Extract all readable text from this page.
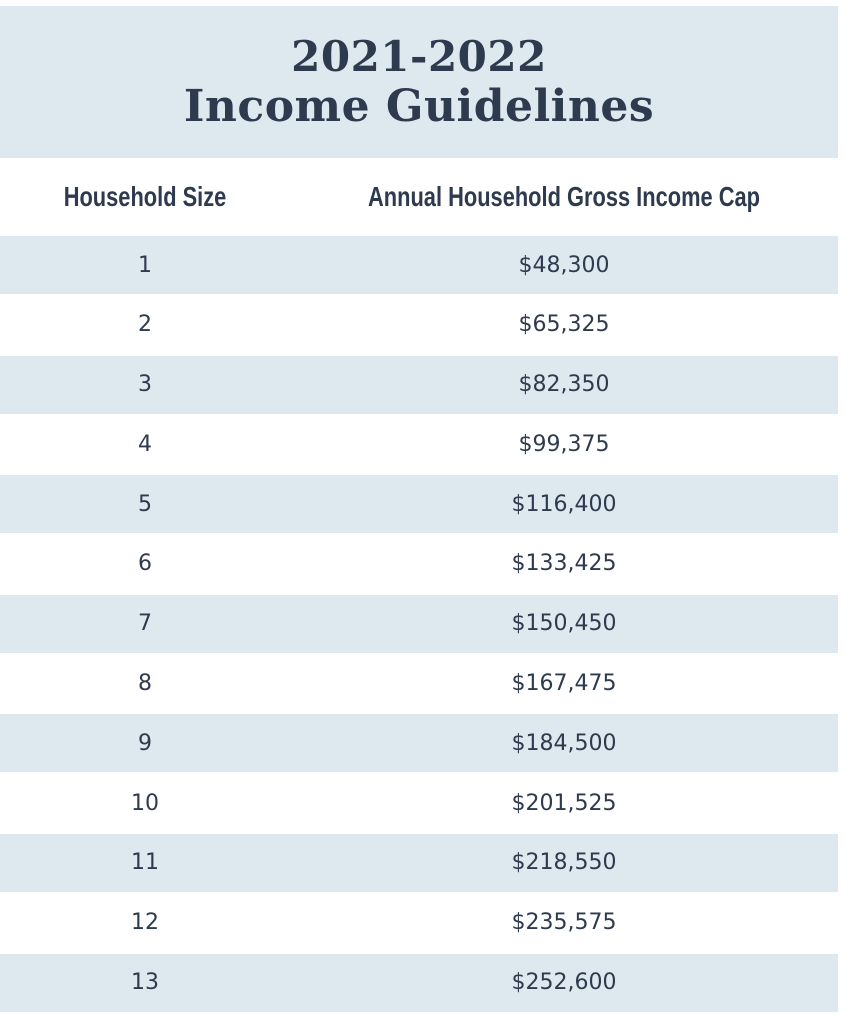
2021-2022
Income Guidelines
Household Size	Annual Household Gross Income Cap
1	$48,300
2	$65,325
3	$82,350
4	$99,375
5	$116,400
6	$133,425
7	$150,450
8	$167,475
9	$184,500
10	$201,525
11	$218,550
12	$235,575
13	$252,600
